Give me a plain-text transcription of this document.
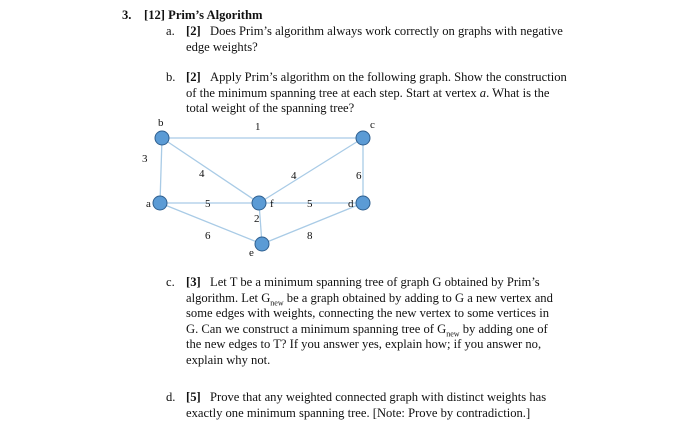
3. [12] Prim’s Algorithm
a. [2] Does Prim’s algorithm always work correctly on graphs with negative
edge weights?
b. [2] Apply Prim’s algorithm on the following graph. Show the construction
of the minimum spanning tree at each step. Start at vertex a. What is the
total weight of the spanning tree?
b	c
a	f	d
e
1
3
4	4	6
5	5
2
6	8
c. [3] Let T be a minimum spanning tree of graph G obtained by Prim’s
algorithm. Let $G_{new}$ be a graph obtained by adding to G a new vertex and
some edges with weights, connecting the new vertex to some vertices in
G. Can we construct a minimum spanning tree of $G_{new}$ by adding one of
the new edges to T? If you answer yes, explain how; if you answer no,
explain why not.
d. [5] Prove that any weighted connected graph with distinct weights has
exactly one minimum spanning tree. [Note: Prove by contradiction.]
